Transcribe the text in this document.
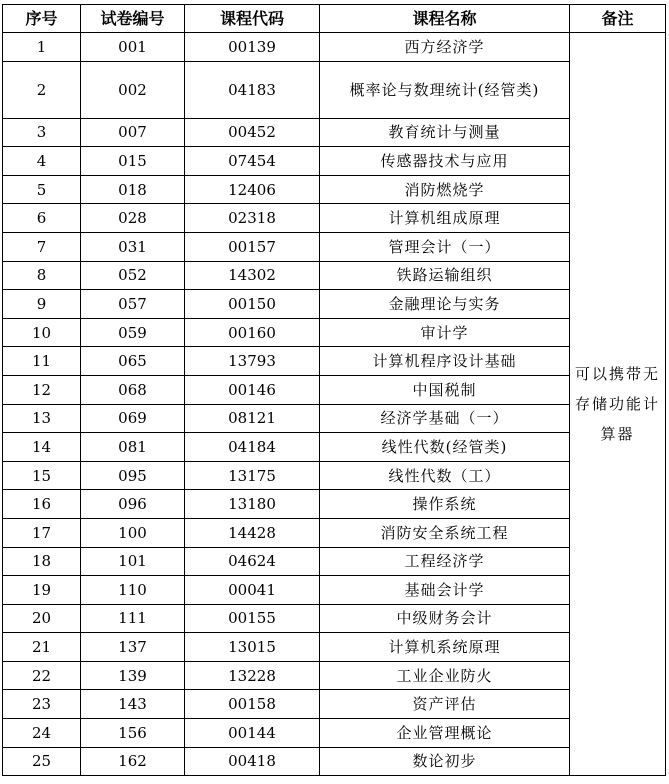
序号	试卷编号	课程代码	课程名称	备注
1	001	00139	西方经济学	可以携带无存储功能计算器
2	002	04183	概率论与数理统计(经管类)	
3	007	00452	教育统计与测量	
4	015	07454	传感器技术与应用	
5	018	12406	消防燃烧学	
6	028	02318	计算机组成原理	
7	031	00157	管理会计（一）	
8	052	14302	铁路运输组织	
9	057	00150	金融理论与实务	
10	059	00160	审计学	
11	065	13793	计算机程序设计基础	
12	068	00146	中国税制	
13	069	08121	经济学基础（一）	
14	081	04184	线性代数(经管类)	
15	095	13175	线性代数（工）	
16	096	13180	操作系统	
17	100	14428	消防安全系统工程	
18	101	04624	工程经济学	
19	110	00041	基础会计学	
20	111	00155	中级财务会计	
21	137	13015	计算机系统原理	
22	139	13228	工业企业防火	
23	143	00158	资产评估	
24	156	00144	企业管理概论	
25	162	00418	数论初步	
